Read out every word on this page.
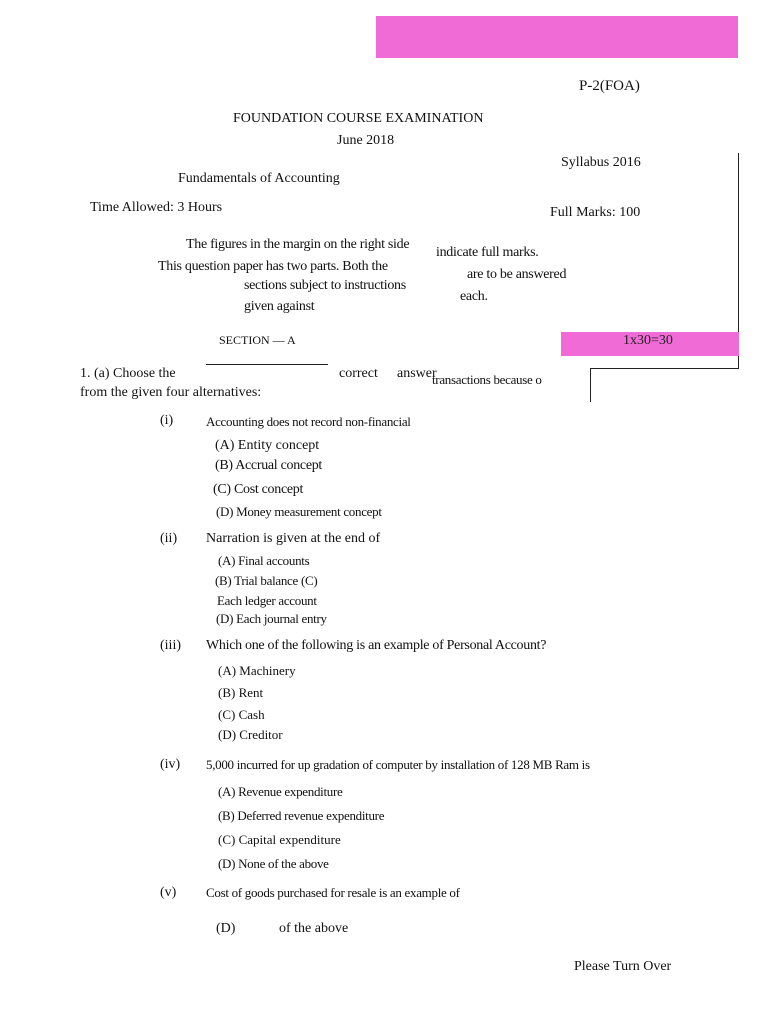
P-2(FOA)
FOUNDATION COURSE EXAMINATION
June 2018
Syllabus 2016
Fundamentals of Accounting
Time Allowed: 3 Hours	Full Marks: 100
The figures in the margin on the right side
indicate full marks.
This question paper has two parts. Both the
are to be answered
sections subject to instructions
each.
given against
SECTION — A	1x30=30
1. (a) Choose the	correct answer
transactions because o
from the given four alternatives:
(i)	Accounting does not record non-financial
(A) Entity concept
(B) Accrual concept
(C) Cost concept
(D) Money measurement concept
(ii) Narration is given at the end of
(A) Final accounts
(B) Trial balance (C)
Each ledger account
(D) Each journal entry
(iii) Which one of the following is an example of Personal Account?
(A) Machinery
(B) Rent
(C) Cash
(D) Creditor
(iv) 5,000 incurred for up gradation of computer by installation of 128 MB Ram is
(A) Revenue expenditure
(B) Deferred revenue expenditure
(C) Capital expenditure
(D) None of the above
(v) Cost of goods purchased for resale is an example of
(D)	of the above
Please Turn Over
